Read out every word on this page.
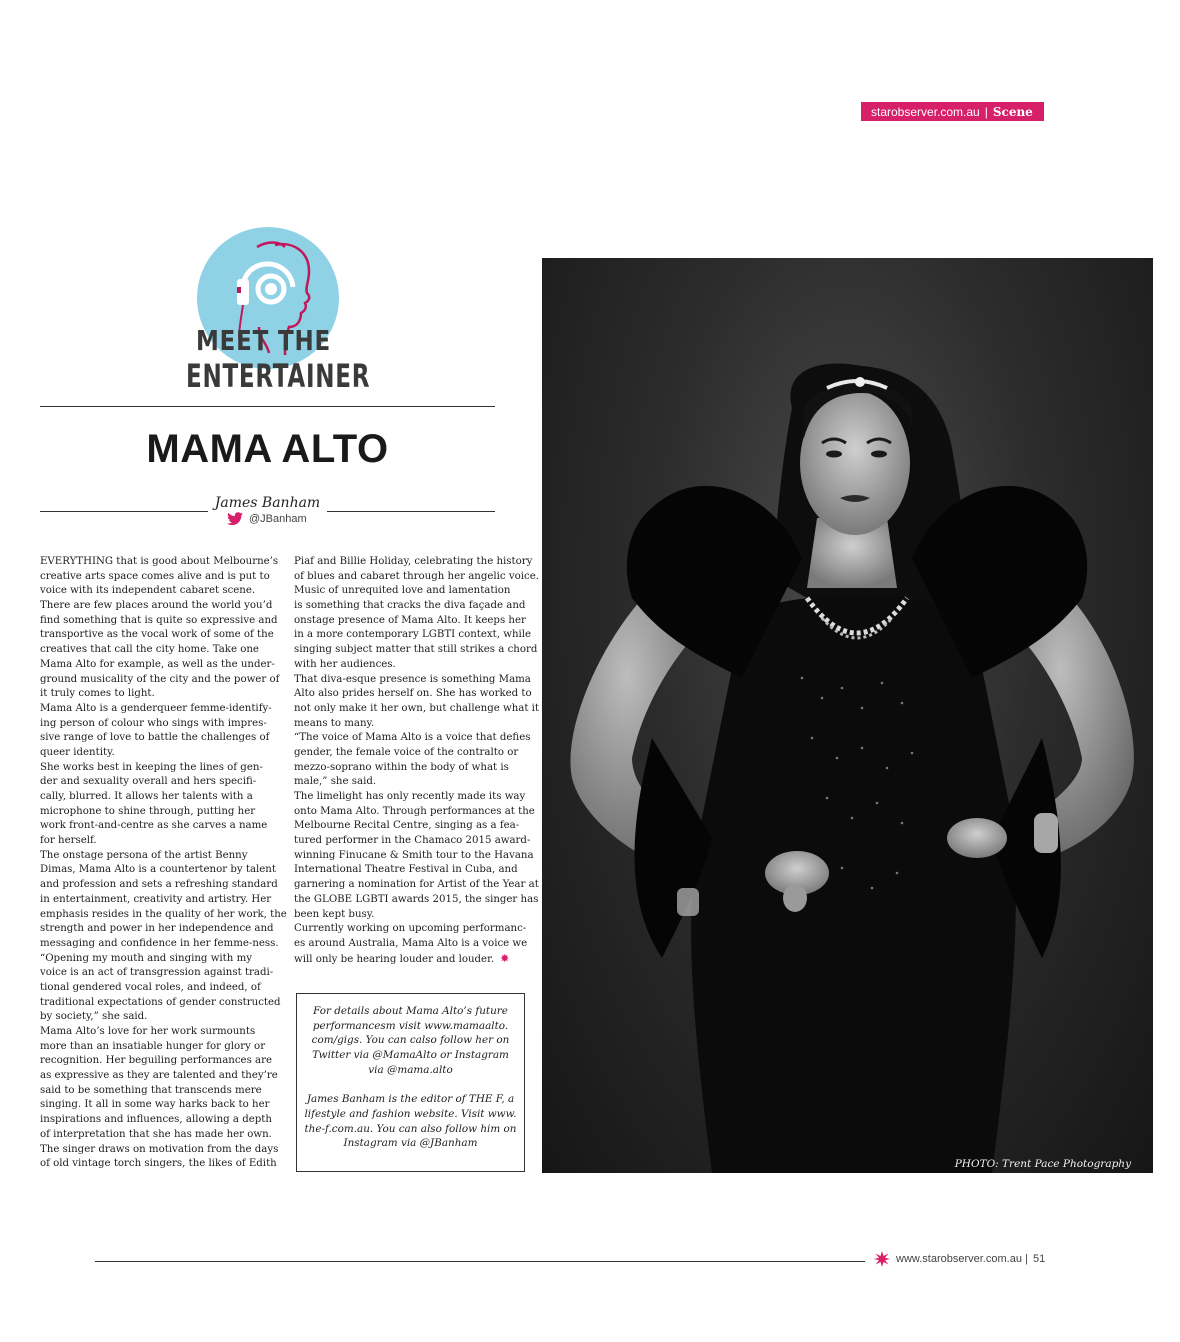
starobserver.com.au | Scene
MEET THE
ENTERTAINER
MAMA ALTO
James Banham
@JBanham

EVERYTHING that is good about Melbourne’s

creative arts space comes alive and is put to

voice with its independent cabaret scene.

There are few places around the world you’d

find something that is quite so expressive and

transportive as the vocal work of some of the

creatives that call the city home. Take one

Mama Alto for example, as well as the under-

ground musicality of the city and the power of

it truly comes to light.

Mama Alto is a genderqueer femme-identify-

ing person of colour who sings with impres-

sive range of love to battle the challenges of

queer identity.

She works best in keeping the lines of gen-

der and sexuality overall and hers specifi-

cally, blurred. It allows her talents with a

microphone to shine through, putting her

work front-and-centre as she carves a name

for herself.

The onstage persona of the artist Benny

Dimas, Mama Alto is a countertenor by talent

and profession and sets a refreshing standard

in entertainment, creativity and artistry. Her

emphasis resides in the quality of her work, the

strength and power in her independence and

messaging and confidence in her femme-ness.

“Opening my mouth and singing with my

voice is an act of transgression against tradi-

tional gendered vocal roles, and indeed, of

traditional expectations of gender constructed

by society,” she said.

Mama Alto’s love for her work surmounts

more than an insatiable hunger for glory or

recognition. Her beguiling performances are

as expressive as they are talented and they’re

said to be something that transcends mere

singing. It all in some way harks back to her

inspirations and influences, allowing a depth

of interpretation that she has made her own.

The singer draws on motivation from the days

of old vintage torch singers, the likes of Edith

Piaf and Billie Holiday, celebrating the history

of blues and cabaret through her angelic voice.

Music of unrequited love and lamentation

is something that cracks the diva façade and

onstage presence of Mama Alto. It keeps her

in a more contemporary LGBTI context, while

singing subject matter that still strikes a chord

with her audiences.

That diva-esque presence is something Mama

Alto also prides herself on. She has worked to

not only make it her own, but challenge what it

means to many.

“The voice of Mama Alto is a voice that defies

gender, the female voice of the contralto or

mezzo-soprano within the body of what is

male,” she said.

The limelight has only recently made its way

onto Mama Alto. Through performances at the

Melbourne Recital Centre, singing as a fea-

tured performer in the Chamaco 2015 award-

winning Finucane & Smith tour to the Havana

International Theatre Festival in Cuba, and

garnering a nomination for Artist of the Year at

the GLOBE LGBTI awards 2015, the singer has

been kept busy.

Currently working on upcoming performanc-

es around Australia, Mama Alto is a voice we

will only be hearing louder and louder. ✸

For details about Mama Alto’s future

performancesm visit www.mamaalto.

com/gigs. You can calso follow her on

Twitter via @MamaAlto or Instagram

via @mama.alto

James Banham is the editor of THE F, a

lifestyle and fashion website. Visit www.

the-f.com.au. You can also follow him on

Instagram via @JBanham

PHOTO: Trent Pace Photography
www.starobserver.com.au | 51
